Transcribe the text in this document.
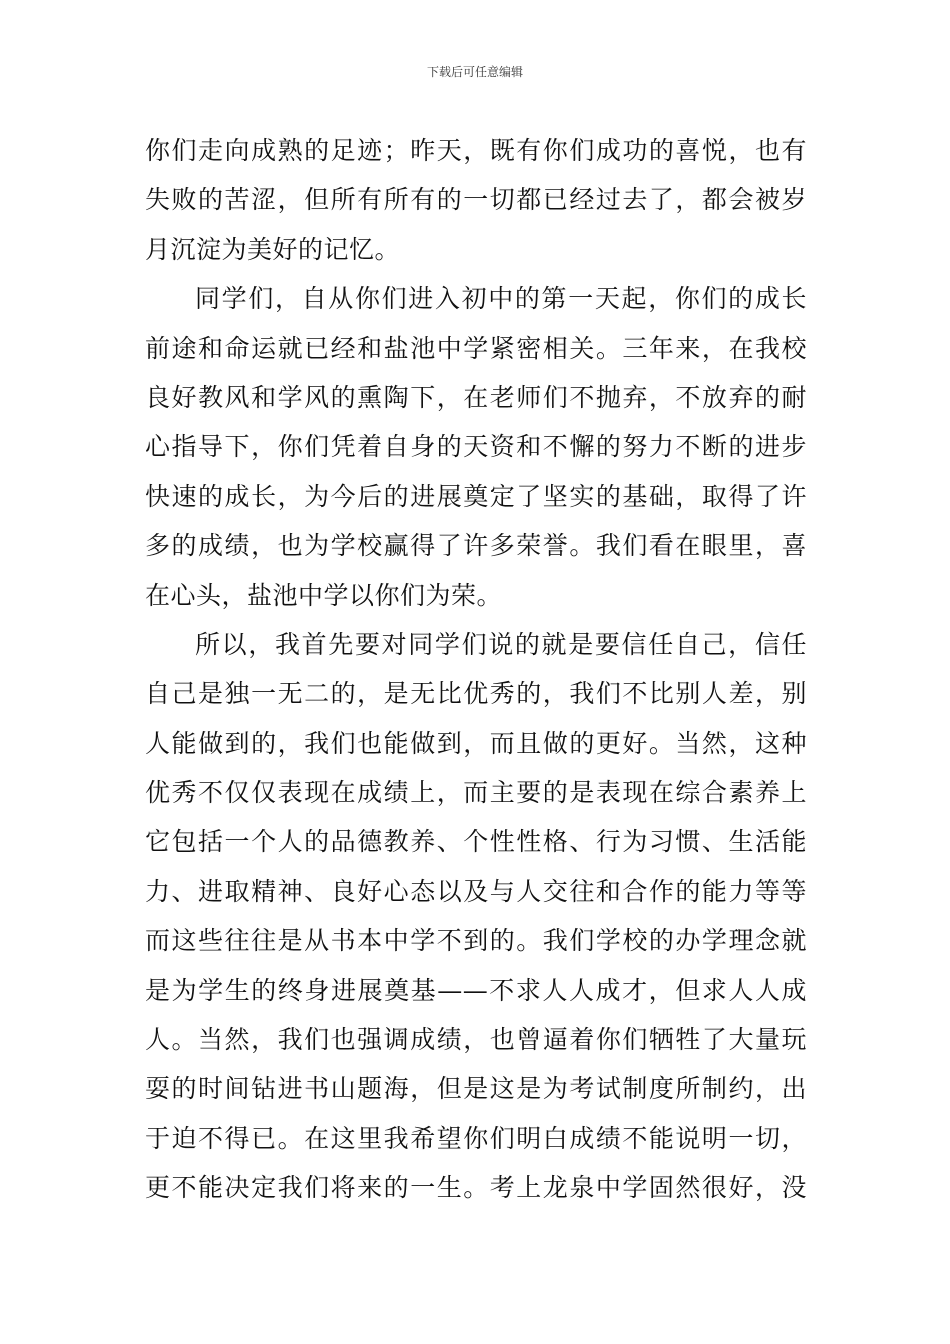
下载后可任意编辑
你们走向成熟的足迹；昨天，既有你们成功的喜悦，也有
失败的苦涩，但所有所有的一切都已经过去了，都会被岁
月沉淀为美好的记忆。
同学们，自从你们进入初中的第一天起，你们的成长
前途和命运就已经和盐池中学紧密相关。三年来，在我校
良好教风和学风的熏陶下，在老师们不抛弃，不放弃的耐
心指导下，你们凭着自身的天资和不懈的努力不断的进步
快速的成长，为今后的进展奠定了坚实的基础，取得了许
多的成绩，也为学校赢得了许多荣誉。我们看在眼里，喜
在心头，盐池中学以你们为荣。
所以，我首先要对同学们说的就是要信任自己，信任
自己是独一无二的，是无比优秀的，我们不比别人差，别
人能做到的，我们也能做到，而且做的更好。当然，这种
优秀不仅仅表现在成绩上，而主要的是表现在综合素养上
它包括一个人的品德教养、个性性格、行为习惯、生活能
力、进取精神、良好心态以及与人交往和合作的能力等等
而这些往往是从书本中学不到的。我们学校的办学理念就
是为学生的终身进展奠基——不求人人成才，但求人人成
人。当然，我们也强调成绩，也曾逼着你们牺牲了大量玩
耍的时间钻进书山题海，但是这是为考试制度所制约，出
于迫不得已。在这里我希望你们明白成绩不能说明一切，
更不能决定我们将来的一生。考上龙泉中学固然很好，没
